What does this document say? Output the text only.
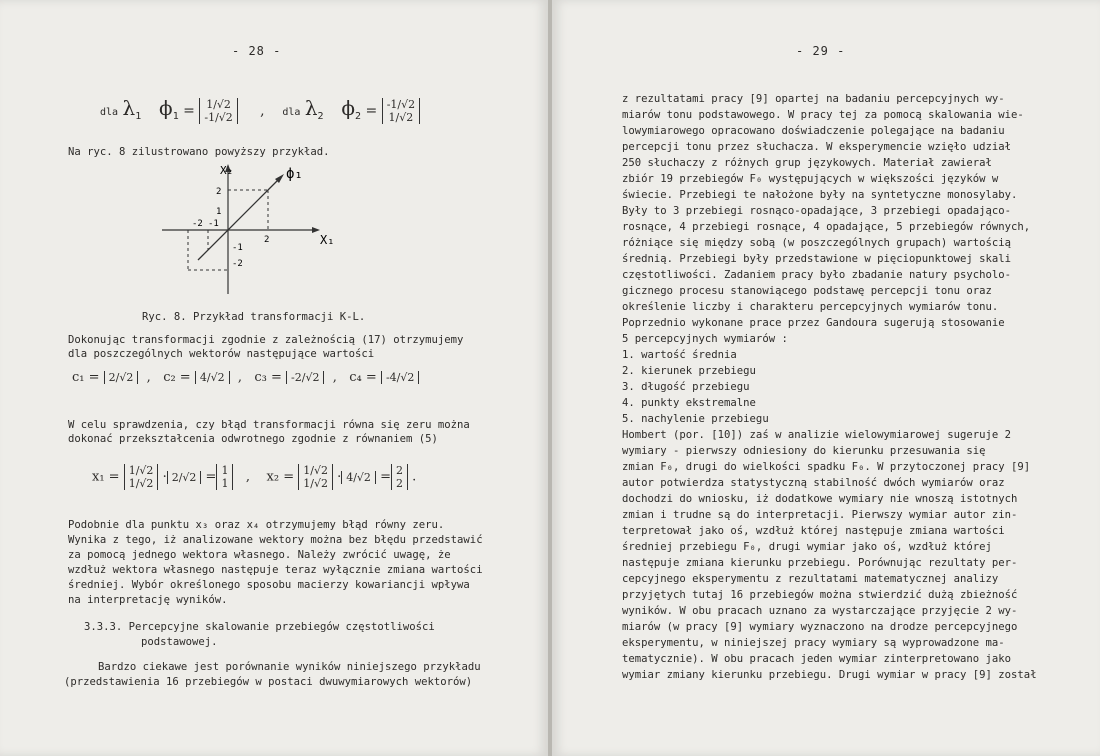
- 28 -
dla $\lambda_1$ $\phi_1 = 1/√2$
-1/√2 , dla $\lambda_2$ $\phi_2 = -1/√2$
1/√2
Na ryc. 8 zilustrowano powyższy przykład.
X₂
X₁
ϕ₁
2
1
-2 -1
2
-1
-2
Ryc. 8. Przykład transformacji K-L.
Dokonując transformacji zgodnie z zależnością (17) otrzymujemy
dla poszczególnych wektorów następujące wartości
c₁ = 2/√2  ,   c₂ = 4/√2  ,   c₃ = -2/√2  ,   c₄ = -4/√2
W celu sprawdzenia, czy błąd transformacji równa się zeru można
dokonać przekształcenia odwrotnego zgodnie z równaniem (5)
x₁ = 1/√2
1/√2 · 2/√2 = 1
1 ,    x₂ = 1/√2
1/√2 · 4/√2 = 2
2 .
Podobnie dla punktu x₃ oraz x₄ otrzymujemy błąd równy zeru.
Wynika z tego, iż analizowane wektory można bez błędu przedstawić
za pomocą jednego wektora własnego. Należy zwrócić uwagę, że
wzdłuż wektora własnego następuje teraz wyłącznie zmiana wartości
średniej. Wybór określonego sposobu macierzy kowariancji wpływa
na interpretację wyników.
3.3.3. Percepcyjne skalowanie przebiegów częstotliwości
podstawowej.
Bardzo ciekawe jest porównanie wyników niniejszego przykładu
(przedstawienia 16 przebiegów w postaci dwuwymiarowych wektorów)
- 29 -
z rezultatami pracy [9] opartej na badaniu percepcyjnych wy-
miarów tonu podstawowego. W pracy tej za pomocą skalowania wie-
lowymiarowego opracowano doświadczenie polegające na badaniu
percepcji tonu przez słuchacza. W eksperymencie wzięło udział
250 słuchaczy z różnych grup językowych. Materiał zawierał
zbiór 19 przebiegów F₀ występujących w większości języków w
świecie. Przebiegi te nałożone były na syntetyczne monosylaby.
Były to 3 przebiegi rosnąco-opadające, 3 przebiegi opadająco-
rosnące, 4 przebiegi rosnące, 4 opadające, 5 przebiegów równych,
różniące się między sobą (w poszczególnych grupach) wartością
średnią. Przebiegi były przedstawione w pięciopunktowej skali
częstotliwości. Zadaniem pracy było zbadanie natury psycholo-
gicznego procesu stanowiącego podstawę percepcji tonu oraz
określenie liczby i charakteru percepcyjnych wymiarów tonu.
Poprzednio wykonane prace przez Gandoura sugerują stosowanie
5 percepcyjnych wymiarów :
1. wartość średnia
2. kierunek przebiegu
3. długość przebiegu
4. punkty ekstremalne
5. nachylenie przebiegu
Hombert (por. [10]) zaś w analizie wielowymiarowej sugeruje 2
wymiary - pierwszy odniesiony do kierunku przesuwania się
zmian F₀, drugi do wielkości spadku F₀. W przytoczonej pracy [9]
autor potwierdza statystyczną stabilność dwóch wymiarów oraz
dochodzi do wniosku, iż dodatkowe wymiary nie wnoszą istotnych
zmian i trudne są do interpretacji. Pierwszy wymiar autor zin-
terpretował jako oś, wzdłuż której następuje zmiana wartości
średniej przebiegu F₀, drugi wymiar jako oś, wzdłuż której
następuje zmiana kierunku przebiegu. Porównując rezultaty per-
cepcyjnego eksperymentu z rezultatami matematycznej analizy
przyjętych tutaj 16 przebiegów można stwierdzić dużą zbieżność
wyników. W obu pracach uznano za wystarczające przyjęcie 2 wy-
miarów (w pracy [9] wymiary wyznaczono na drodze percepcyjnego
eksperymentu, w niniejszej pracy wymiary są wyprowadzone ma-
tematycznie). W obu pracach jeden wymiar zinterpretowano jako
wymiar zmiany kierunku przebiegu. Drugi wymiar w pracy [9] został
